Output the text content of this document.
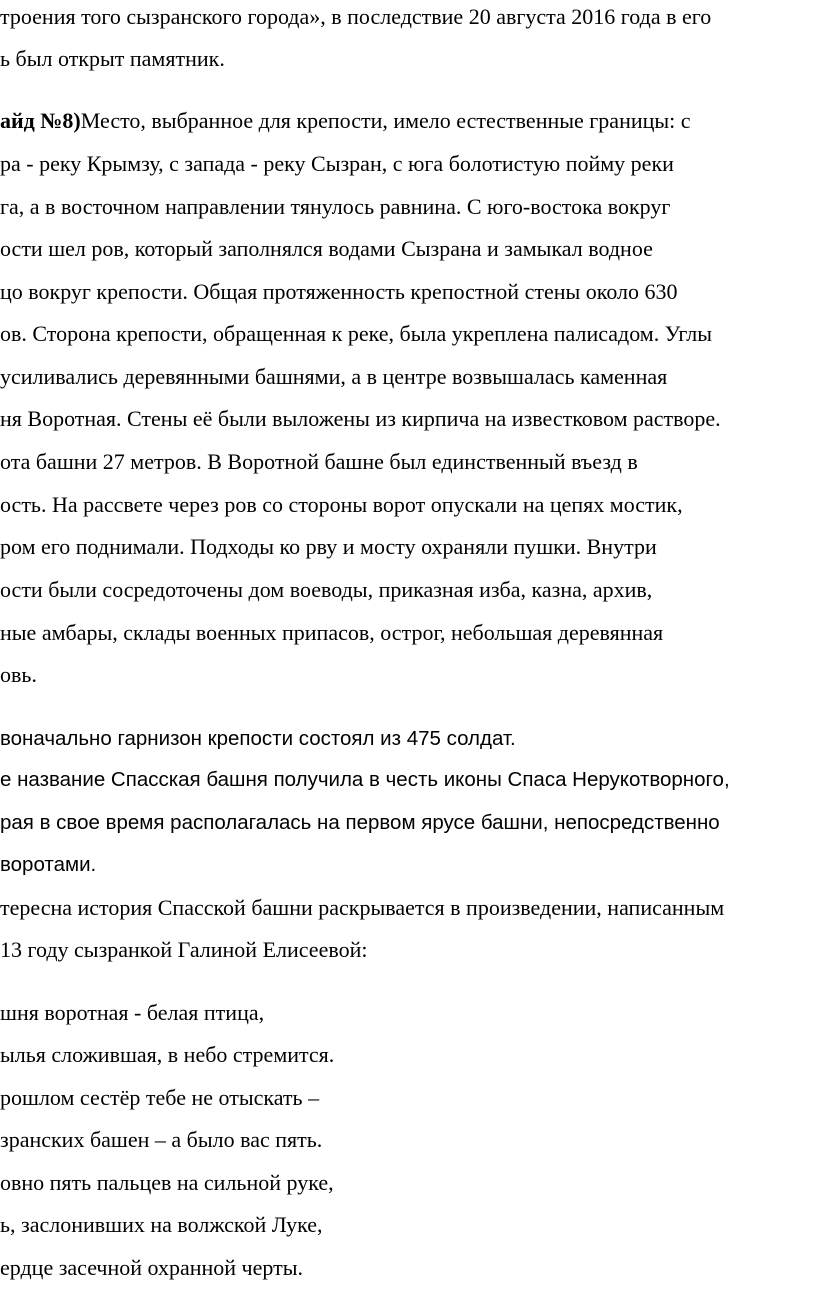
троения того сызранского города», в последствие 20 августа 2016 года в его
ь был открыт памятник.
айд №8)Место, выбранное для крепости, имело естественные границы: с
ра - реку Крымзу, с запада - реку Сызран, с юга болотистую пойму реки
га, а в восточном направлении тянулось равнина. С юго-востока вокруг
ости шел ров, который заполнялся водами Сызрана и замыкал водное
цо вокруг крепости. Общая протяженность крепостной стены около 630
ов. Сторона крепости, обращенная к реке, была укреплена палисадом. Углы
усиливались деревянными башнями, а в центре возвышалась каменная
ня Воротная. Стены её были выложены из кирпича на известковом растворе.
ота башни 27 метров. В Воротной башне был единственный въезд в
ость. На рассвете через ров со стороны ворот опускали на цепях мостик,
ром его поднимали. Подходы ко рву и мосту охраняли пушки. Внутри
ости были сосредоточены дом воеводы, приказная изба, казна, архив,
ные амбары, склады военных припасов, острог, небольшая деревянная
овь.
воначально гарнизон крепости состоял из 475 солдат.
е название Спасская башня получила в честь иконы Спаса Нерукотворного,
рая в свое время располагалась на первом ярусе башни, непосредственно
воротами.
тересна история Спасской башни раскрывается в произведении, написанным
13 году сызранкой Галиной Елисеевой:
шня воротная - белая птица,
ылья сложившая, в небо стремится.
рошлом сестёр тебе не отыскать –
зранских башен – а было вас пять.
овно пять пальцев на сильной руке,
ь, заслонивших на волжской Луке,
ердце засечной охранной черты.
